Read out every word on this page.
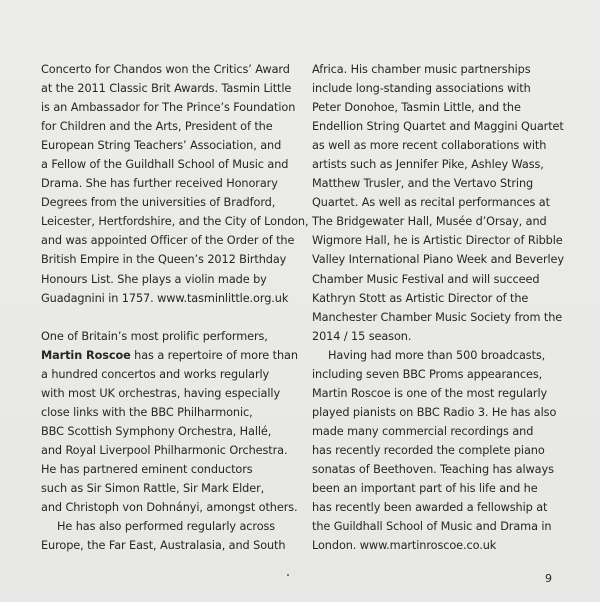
Concerto for Chandos won the Critics’ Award
at the 2011 Classic Brit Awards. Tasmin Little
is an Ambassador for The Prince’s Foundation
for Children and the Arts, President of the
European String Teachers’ Association, and
a Fellow of the Guildhall School of Music and
Drama. She has further received Honorary
Degrees from the universities of Bradford,
Leicester, Hertfordshire, and the City of London,
and was appointed Officer of the Order of the
British Empire in the Queen’s 2012 Birthday
Honours List. She plays a violin made by
Guadagnini in 1757. www.tasminlittle.org.uk
One of Britain’s most prolific performers,
Martin Roscoe has a repertoire of more than
a hundred concertos and works regularly
with most UK orchestras, having especially
close links with the BBC Philharmonic,
BBC Scottish Symphony Orchestra, Hallé,
and Royal Liverpool Philharmonic Orchestra.
He has partnered eminent conductors
such as Sir Simon Rattle, Sir Mark Elder,
and Christoph von Dohnányi, amongst others.
He has also performed regularly across
Europe, the Far East, Australasia, and South
Africa. His chamber music partnerships
include long-standing associations with
Peter Donohoe, Tasmin Little, and the
Endellion String Quartet and Maggini Quartet
as well as more recent collaborations with
artists such as Jennifer Pike, Ashley Wass,
Matthew Trusler, and the Vertavo String
Quartet. As well as recital performances at
The Bridgewater Hall, Musée d’Orsay, and
Wigmore Hall, he is Artistic Director of Ribble
Valley International Piano Week and Beverley
Chamber Music Festival and will succeed
Kathryn Stott as Artistic Director of the
Manchester Chamber Music Society from the
2014 / 15 season.
Having had more than 500 broadcasts,
including seven BBC Proms appearances,
Martin Roscoe is one of the most regularly
played pianists on BBC Radio 3. He has also
made many commercial recordings and
has recently recorded the complete piano
sonatas of Beethoven. Teaching has always
been an important part of his life and he
has recently been awarded a fellowship at
the Guildhall School of Music and Drama in
London. www.martinroscoe.co.uk
9
